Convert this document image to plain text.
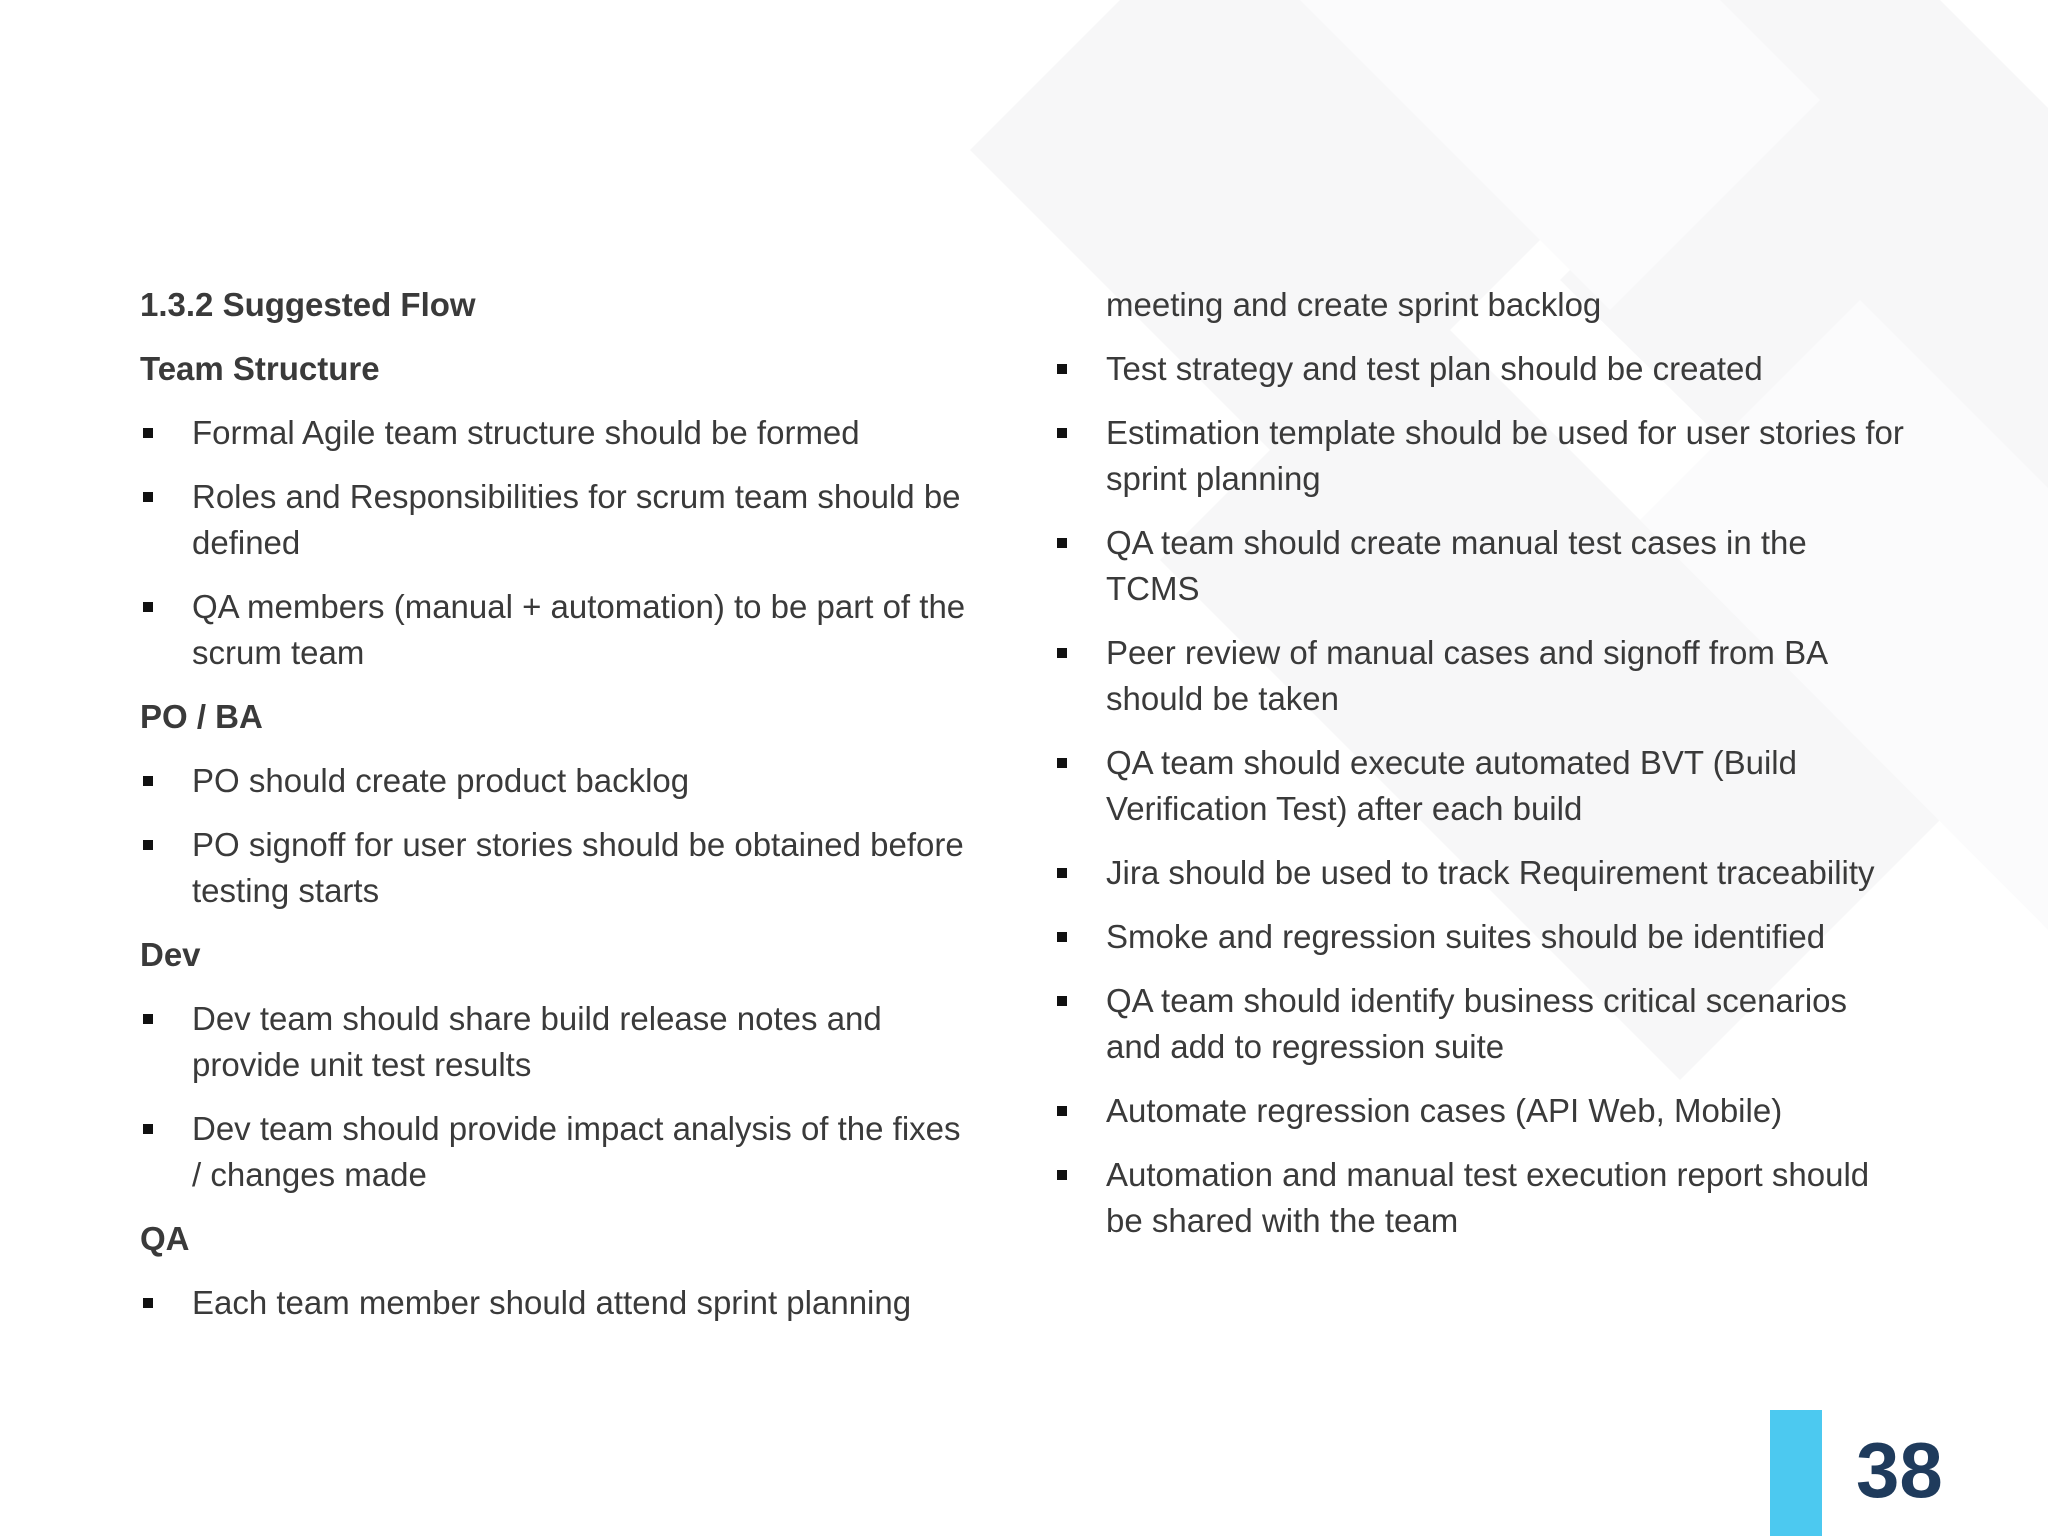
1.3.2 Suggested Flow
Team Structure
Formal Agile team structure should be formed
Roles and Responsibilities for scrum team should be defined
QA members (manual + automation) to be part of the scrum team
PO / BA
PO should create product backlog
PO signoff for user stories should be obtained before testing starts
Dev
Dev team should share build release notes and provide unit test results
Dev team should provide impact analysis of the fixes / changes made
QA
Each team member should attend sprint planning
meeting and create sprint backlog
Test strategy and test plan should be created
Estimation template should be used for user stories for sprint planning
QA team should create manual test cases in the TCMS
Peer review of manual cases and signoff from BA should be taken
QA team should execute automated BVT (Build Verification Test) after each build
Jira should be used to track Requirement traceability
Smoke and regression suites should be identified
QA team should identify business critical scenarios and add to regression suite
Automate regression cases (API Web, Mobile)
Automation and manual test execution report should be shared with the team
38
